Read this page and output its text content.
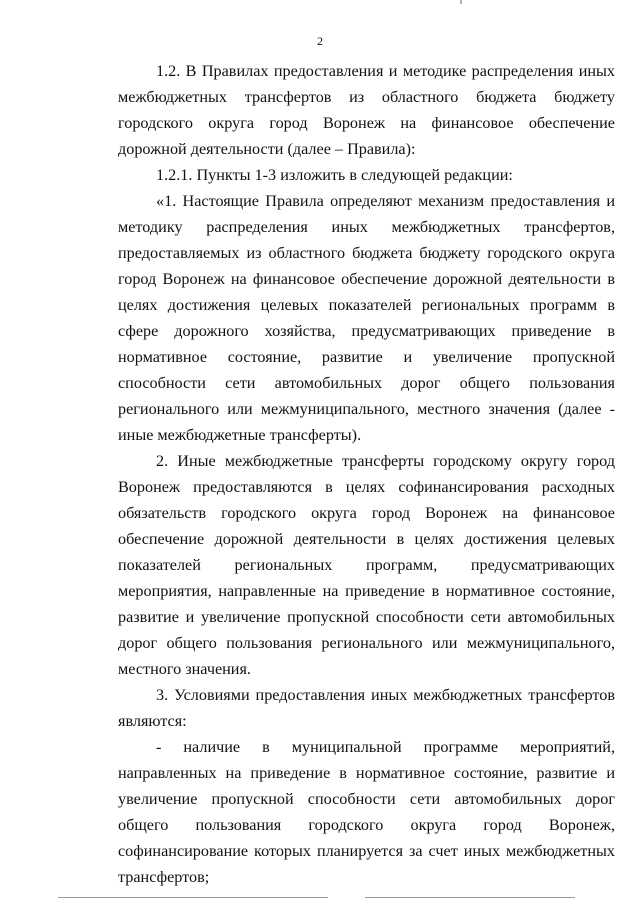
2

1.2. В Правилах предоставления и методике распределения иных межбюджетных трансфертов из областного бюджета бюджету городского округа город Воронеж на финансовое обеспечение дорожной деятельности (далее – Правила):

1.2.1. Пункты 1-3 изложить в следующей редакции:

«1. Настоящие Правила определяют механизм предоставления и методику распределения иных межбюджетных трансфертов, предоставляемых из областного бюджета бюджету городского округа город Воронеж на финансовое обеспечение дорожной деятельности в целях достижения целевых показателей региональных программ в сфере дорожного хозяйства, предусматривающих приведение в нормативное состояние, развитие и увеличение пропускной способности сети автомобильных дорог общего пользования регионального или межмуниципального, местного значения (далее - иные межбюджетные трансферты).

2. Иные межбюджетные трансферты городскому округу город Воронеж предоставляются в целях софинансирования расходных обязательств городского округа город Воронеж на финансовое обеспечение дорожной деятельности в целях достижения целевых показателей региональных программ, предусматривающих мероприятия, направленные на приведение в нормативное состояние, развитие и увеличение пропускной способности сети автомобильных дорог общего пользования регионального или межмуниципального, местного значения.

3. Условиями предоставления иных межбюджетных трансфертов являются:

- наличие в муниципальной программе мероприятий, направленных на приведение в нормативное состояние, развитие и увеличение пропускной способности сети автомобильных дорог общего пользования городского округа город Воронеж, софинансирование которых планируется за счет иных межбюджетных трансфертов;
